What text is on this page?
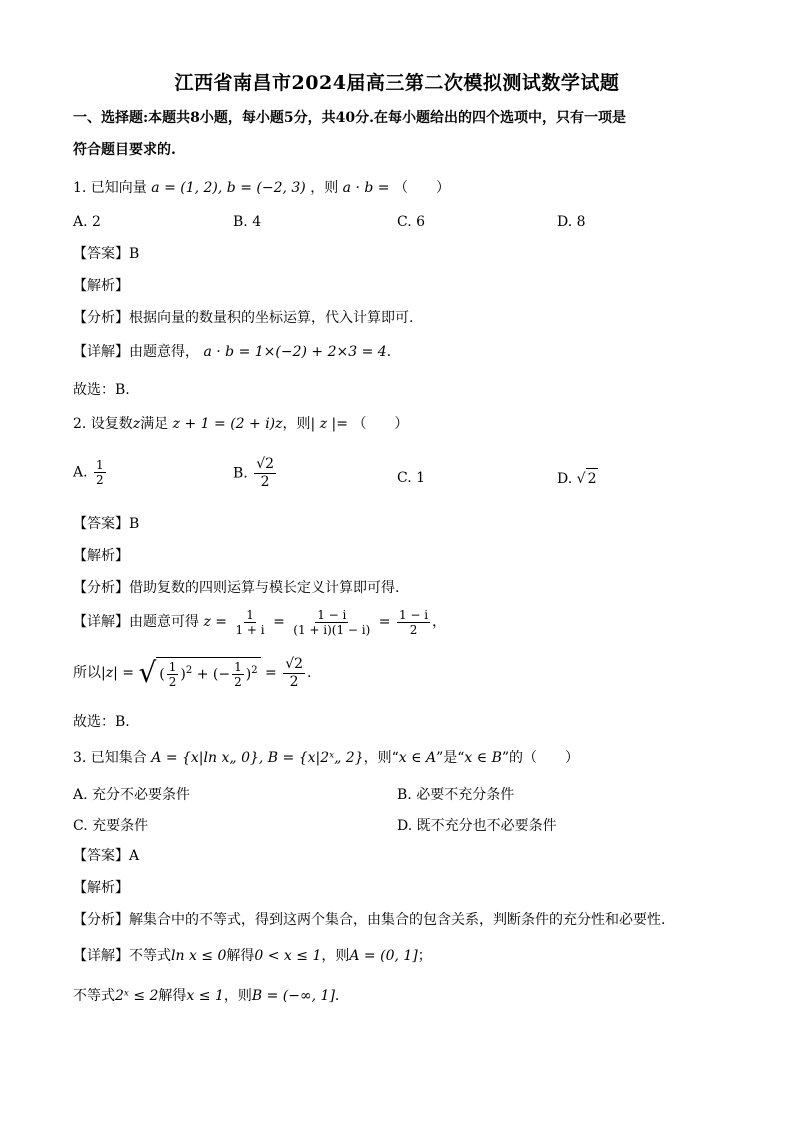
江西省南昌市2024届高三第二次模拟测试数学试题
一、选择题:本题共8小题，每小题5分，共40分.在每小题给出的四个选项中，只有一项是
符合题目要求的.
1. 已知向量 a = (1, 2), b = (−2, 3) ，则 a · b = （　　）
A. 2	B. 4	C. 6	D. 8
【答案】B
【解析】
【分析】根据向量的数量积的坐标运算，代入计算即可.
【详解】由题意得， a · b = 1×(−2) + 2×3 = 4.
故选：B.
2. 设复数z满足 z + 1 = (2 + i)z，则| z |= （　　）
A. $\frac{1}{2}$	B. $\frac{√2}{2}$	C. 1	D. √ 2
【答案】B
【解析】
【分析】借助复数的四则运算与模长定义计算即可得.
【详解】由题意可得 $z = \frac{1}{1 + i} = \frac{1 - i}{(1 + i)(1 - i)} = \frac{1 - i}{2}$ ，
所以|z| = √ ( $\frac{1}{2} )^2$ + (− $\frac{1}{2} )^2 = \frac{√2}{2}$ .
故选：B.
3. 已知集合 A = {x|ln x„ 0}, B = {x|2ˣ„ 2}，则“x ∈ A”是“x ∈ B”的（　　）
A. 充分不必要条件	B. 必要不充分条件
C. 充要条件	D. 既不充分也不必要条件
【答案】A
【解析】
【分析】解集合中的不等式，得到这两个集合，由集合的包含关系，判断条件的充分性和必要性.
【详解】不等式ln x ≤ 0解得0 < x ≤ 1，则A = (0, 1]；
不等式2ˣ ≤ 2解得x ≤ 1，则B = (−∞, 1].
